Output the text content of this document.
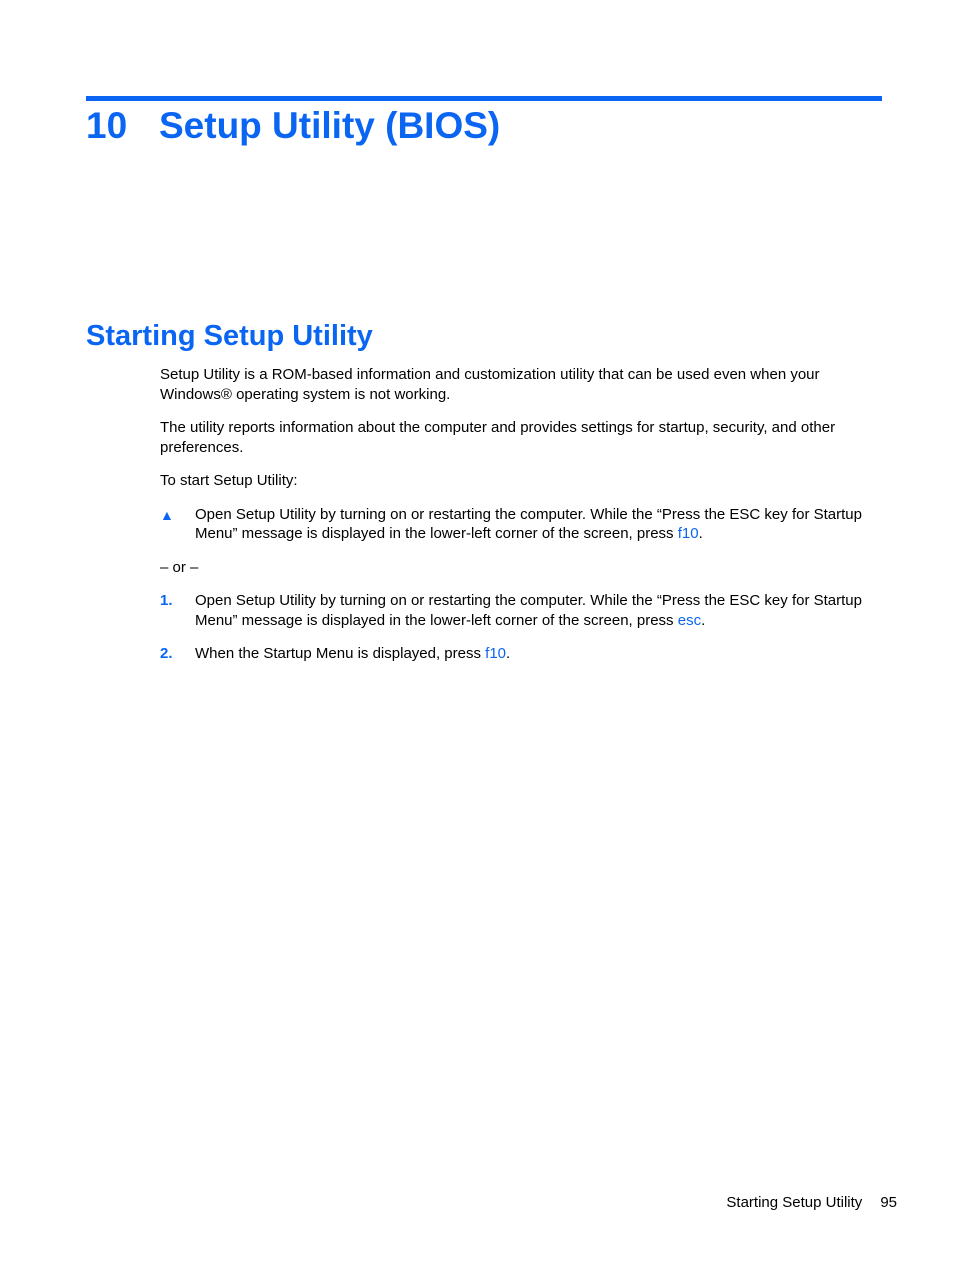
10 Setup Utility (BIOS)
Starting Setup Utility

Setup Utility is a ROM-based information and customization utility that can be used even when your Windows® operating system is not working.

The utility reports information about the computer and provides settings for startup, security, and other preferences.

To start Setup Utility:

▲	Open Setup Utility by turning on or restarting the computer. While the “Press the ESC key for Startup Menu” message is displayed in the lower-left corner of the screen, press f10.

– or –

1.	Open Setup Utility by turning on or restarting the computer. While the “Press the ESC key for Startup Menu” message is displayed in the lower-left corner of the screen, press esc.
2.	When the Startup Menu is displayed, press f10.
Starting Setup Utility 95
